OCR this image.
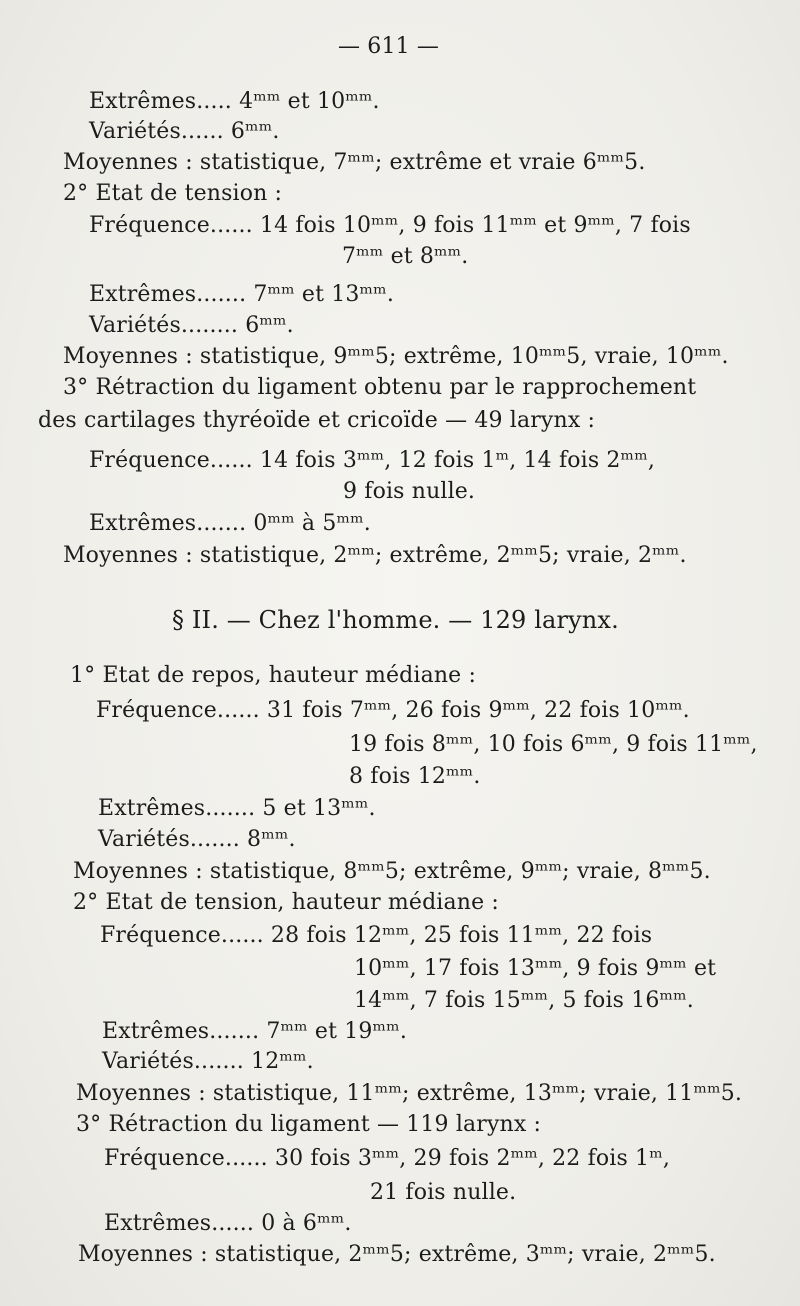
— 611 —
Extrêmes..... 4ᵐᵐ et 10ᵐᵐ.
Variétés...... 6ᵐᵐ.
Moyennes : statistique, 7ᵐᵐ; extrême et vraie 6ᵐᵐ5.
2° Etat de tension :
Fréquence...... 14 fois 10ᵐᵐ, 9 fois 11ᵐᵐ et 9ᵐᵐ, 7 fois
7ᵐᵐ et 8ᵐᵐ.
Extrêmes....... 7ᵐᵐ et 13ᵐᵐ.
Variétés........ 6ᵐᵐ.
Moyennes : statistique, 9ᵐᵐ5; extrême, 10ᵐᵐ5, vraie, 10ᵐᵐ.
3° Rétraction du ligament obtenu par le rapprochement
des cartilages thyréoïde et cricoïde — 49 larynx :
Fréquence...... 14 fois 3ᵐᵐ, 12 fois 1ᵐ, 14 fois 2ᵐᵐ,
9 fois nulle.
Extrêmes....... 0ᵐᵐ à 5ᵐᵐ.
Moyennes : statistique, 2ᵐᵐ; extrême, 2ᵐᵐ5; vraie, 2ᵐᵐ.
§ II. — Chez l'homme. — 129 larynx.
1° Etat de repos, hauteur médiane :
Fréquence...... 31 fois 7ᵐᵐ, 26 fois 9ᵐᵐ, 22 fois 10ᵐᵐ.
19 fois 8ᵐᵐ, 10 fois 6ᵐᵐ, 9 fois 11ᵐᵐ,
8 fois 12ᵐᵐ.
Extrêmes....... 5 et 13ᵐᵐ.
Variétés....... 8ᵐᵐ.
Moyennes : statistique, 8ᵐᵐ5; extrême, 9ᵐᵐ; vraie, 8ᵐᵐ5.
2° Etat de tension, hauteur médiane :
Fréquence...... 28 fois 12ᵐᵐ, 25 fois 11ᵐᵐ, 22 fois
10ᵐᵐ, 17 fois 13ᵐᵐ, 9 fois 9ᵐᵐ et
14ᵐᵐ, 7 fois 15ᵐᵐ, 5 fois 16ᵐᵐ.
Extrêmes....... 7ᵐᵐ et 19ᵐᵐ.
Variétés....... 12ᵐᵐ.
Moyennes : statistique, 11ᵐᵐ; extrême, 13ᵐᵐ; vraie, 11ᵐᵐ5.
3° Rétraction du ligament — 119 larynx :
Fréquence...... 30 fois 3ᵐᵐ, 29 fois 2ᵐᵐ, 22 fois 1ᵐ,
21 fois nulle.
Extrêmes...... 0 à 6ᵐᵐ.
Moyennes : statistique, 2ᵐᵐ5; extrême, 3ᵐᵐ; vraie, 2ᵐᵐ5.
